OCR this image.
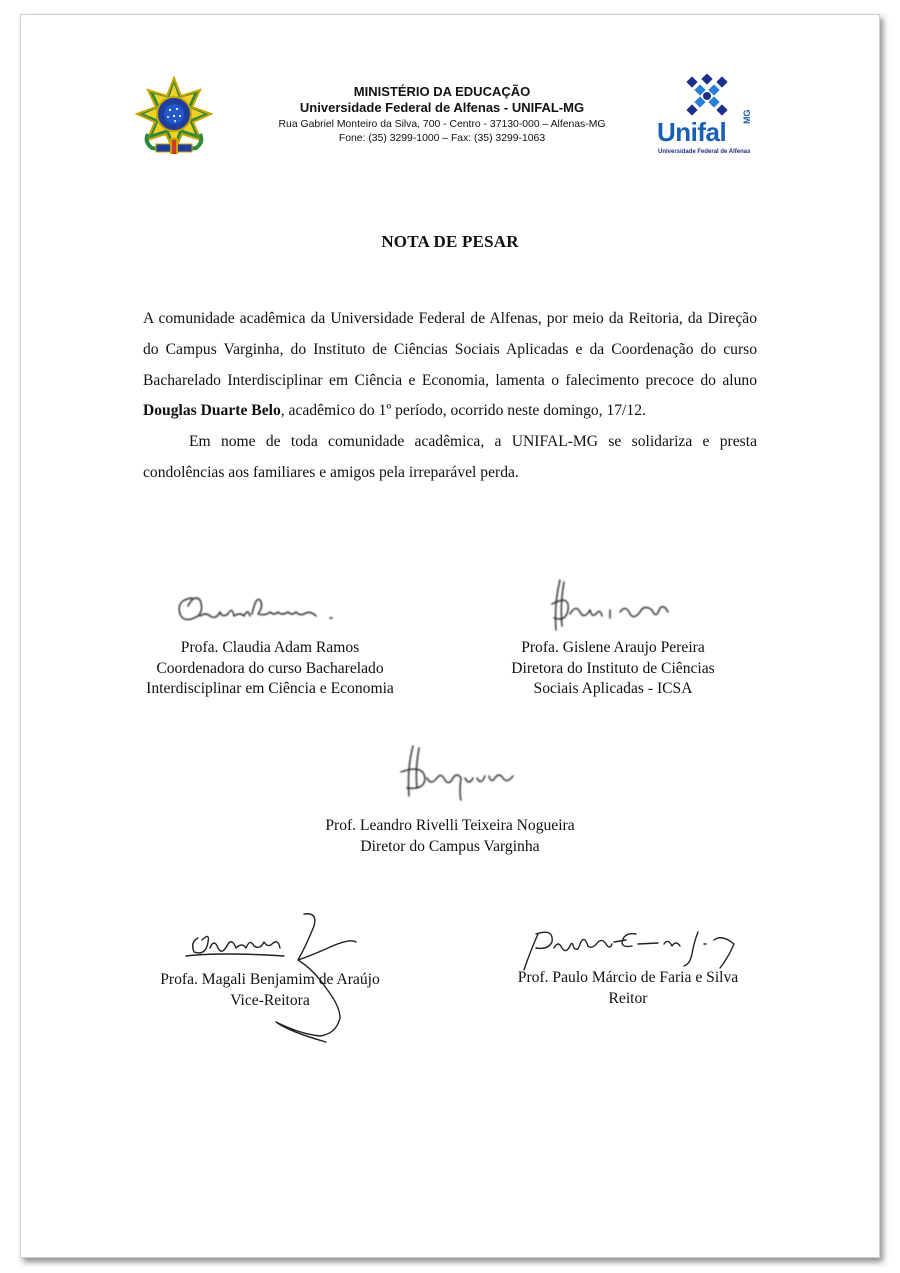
MINISTÉRIO DA EDUCAÇÃO
Universidade Federal de Alfenas - UNIFAL-MG
Rua Gabriel Monteiro da Silva, 700 - Centro - 37130-000 – Alfenas-MG
Fone: (35) 3299-1000 – Fax: (35) 3299-1063	Unifal
MG
Universidade Federal de Alfenas
NOTA DE PESAR

A comunidade acadêmica da Universidade Federal de Alfenas, por meio da Reitoria, da Direção do Campus Varginha, do Instituto de Ciências Sociais Aplicadas e da Coordenação do curso Bacharelado Interdisciplinar em Ciência e Economia, lamenta o falecimento precoce do aluno Douglas Duarte Belo, acadêmico do 1º período, ocorrido neste domingo, 17/12.

Em nome de toda comunidade acadêmica, a UNIFAL-MG se solidariza e presta condolências aos familiares e amigos pela irreparável perda.

Profa. Claudia Adam Ramos
Coordenadora do curso Bacharelado
Interdisciplinar em Ciência e Economia
Profa. Gislene Araujo Pereira
Diretora do Instituto de Ciências
Sociais Aplicadas - ICSA
Prof. Leandro Rivelli Teixeira Nogueira
Diretor do Campus Varginha
Profa. Magali Benjamim de Araújo
Vice-Reitora
Prof. Paulo Márcio de Faria e Silva
Reitor
